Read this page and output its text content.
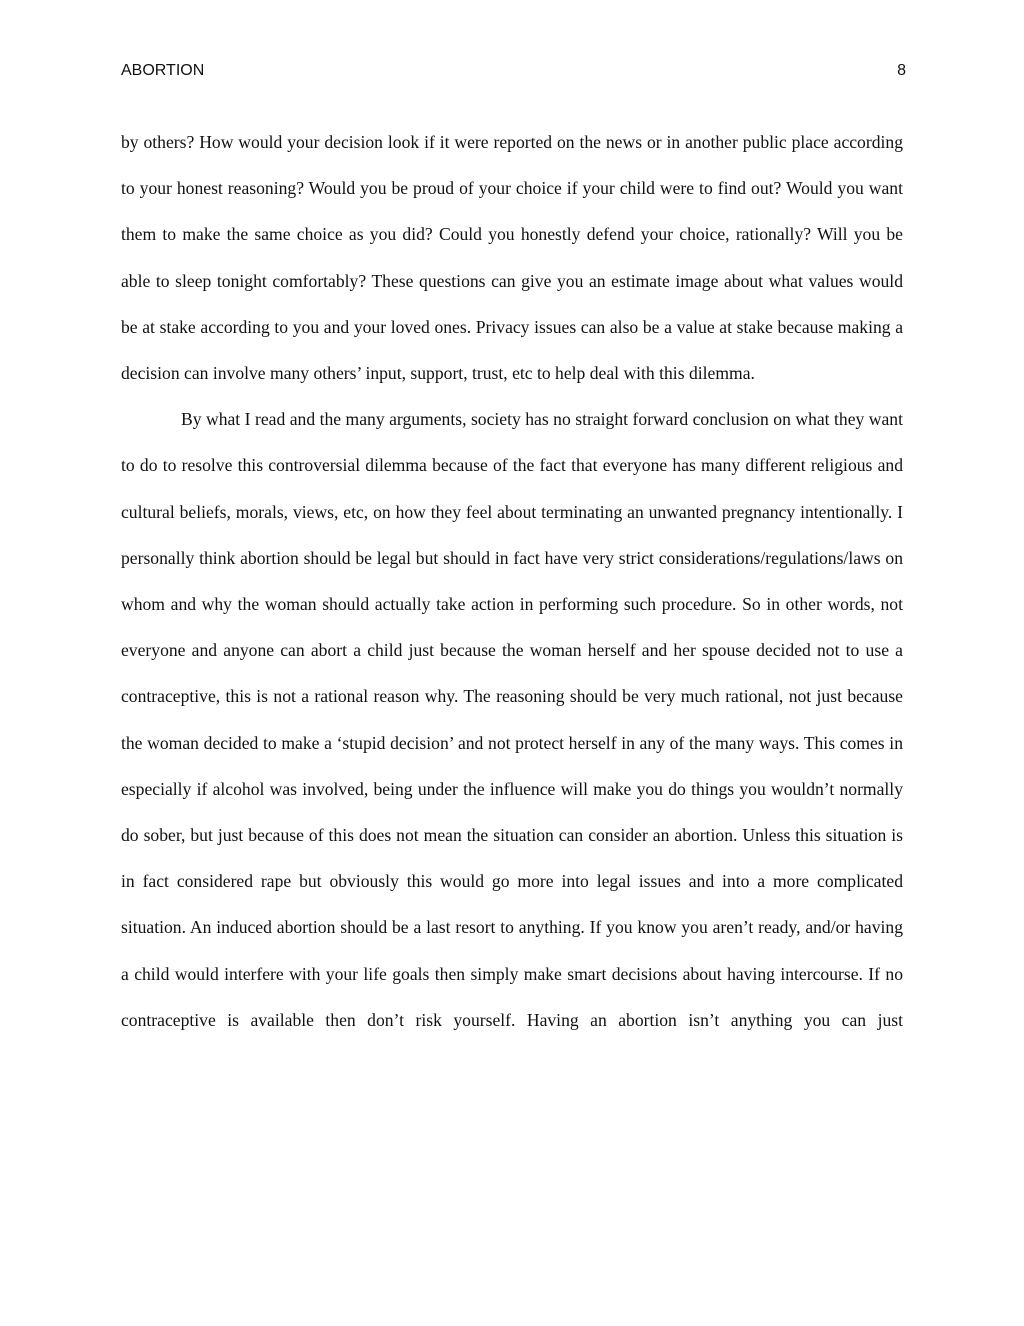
ABORTION	8

by others? How would your decision look if it were reported on the news or in another public place according to your honest reasoning? Would you be proud of your choice if your child were to find out? Would you want them to make the same choice as you did? Could you honestly defend your choice, rationally? Will you be able to sleep tonight comfortably? These questions can give you an estimate image about what values would be at stake according to you and your loved ones. Privacy issues can also be a value at stake because making a decision can involve many others’ input, support, trust, etc to help deal with this dilemma.

By what I read and the many arguments, society has no straight forward conclusion on what they want to do to resolve this controversial dilemma because of the fact that everyone has many different religious and cultural beliefs, morals, views, etc, on how they feel about terminating an unwanted pregnancy intentionally. I personally think abortion should be legal but should in fact have very strict considerations/regulations/laws on whom and why the woman should actually take action in performing such procedure. So in other words, not everyone and anyone can abort a child just because the woman herself and her spouse decided not to use a contraceptive, this is not a rational reason why. The reasoning should be very much rational, not just because the woman decided to make a ‘stupid decision’ and not protect herself in any of the many ways. This comes in especially if alcohol was involved, being under the influence will make you do things you wouldn’t normally do sober, but just because of this does not mean the situation can consider an abortion. Unless this situation is in fact considered rape but obviously this would go more into legal issues and into a more complicated situation. An induced abortion should be a last resort to anything. If you know you aren’t ready, and/or having a child would interfere with your life goals then simply make smart decisions about having intercourse. If no contraceptive is available then don’t risk yourself. Having an abortion isn’t anything you can just
